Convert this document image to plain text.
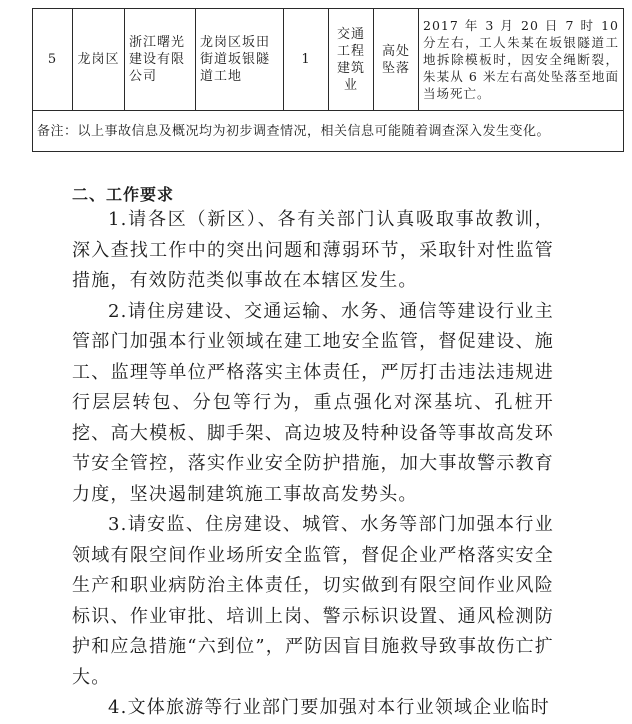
5	龙岗区	浙江曙光建设有限公司	龙岗区坂田街道坂银隧道工地	1	交通工程建筑业	高处坠落	2017 年 3 月 20 日 7 时 10 分左右，工人朱某在坂银隧道工地拆除模板时，因安全绳断裂，朱某从 6 米左右高处坠落至地面当场死亡。
备注：以上事故信息及概况均为初步调查情况，相关信息可能随着调查深入发生变化。
二、工作要求

1.请各区（新区）、各有关部门认真吸取事故教训，深入查找工作中的突出问题和薄弱环节，采取针对性监管措施，有效防范类似事故在本辖区发生。

2.请住房建设、交通运输、水务、通信等建设行业主管部门加强本行业领域在建工地安全监管，督促建设、施工、监理等单位严格落实主体责任，严厉打击违法违规进行层层转包、分包等行为，重点强化对深基坑、孔桩开挖、高大模板、脚手架、高边坡及特种设备等事故高发环节安全管控，落实作业安全防护措施，加大事故警示教育力度，坚决遏制建筑施工事故高发势头。

3.请安监、住房建设、城管、水务等部门加强本行业领域有限空间作业场所安全监管，督促企业严格落实安全生产和职业病防治主体责任，切实做到有限空间作业风险标识、作业审批、培训上岗、警示标识设置、通风检测防护和应急措施“六到位”，严防因盲目施救导致事故伤亡扩大。

4.文体旅游等行业部门要加强对本行业领域企业临时
